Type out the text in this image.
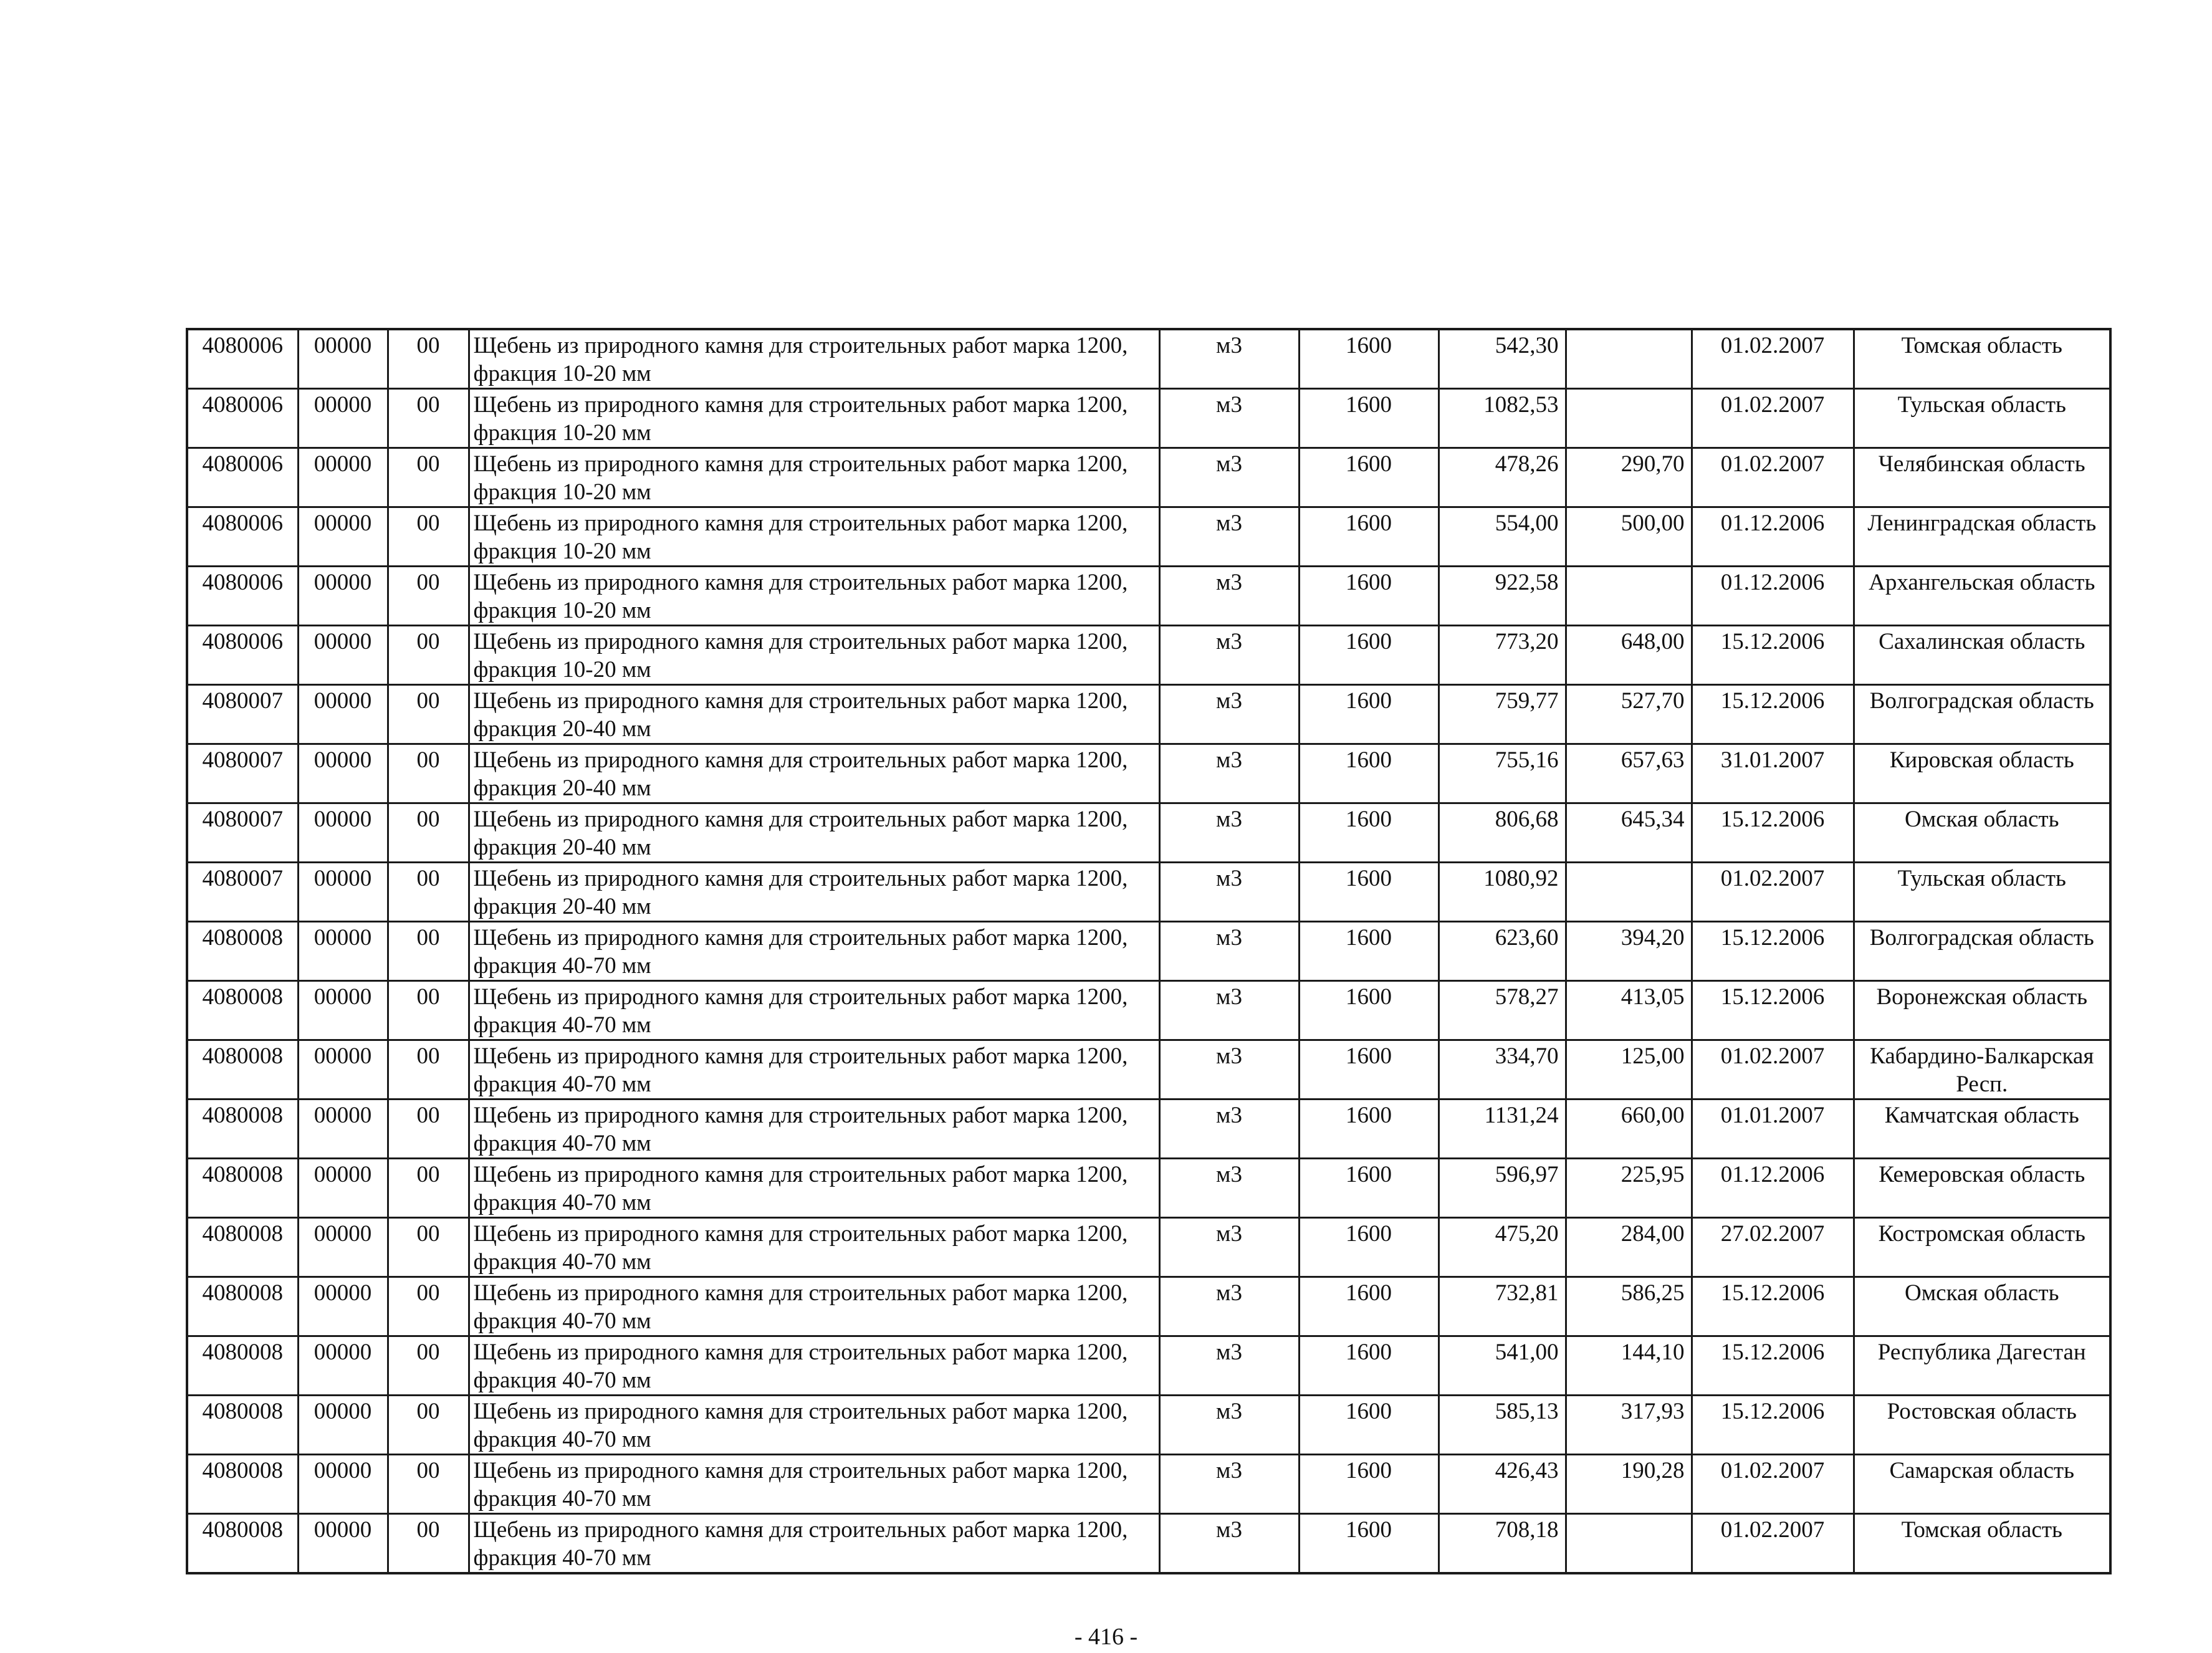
4080006	00000	00	Щебень из природного камня для строительных работ марка 1200, фракция 10-20 мм	м3	1600	542,30		01.02.2007	Томская область
4080006	00000	00	Щебень из природного камня для строительных работ марка 1200, фракция 10-20 мм	м3	1600	1082,53		01.02.2007	Тульская область
4080006	00000	00	Щебень из природного камня для строительных работ марка 1200, фракция 10-20 мм	м3	1600	478,26	290,70	01.02.2007	Челябинская область
4080006	00000	00	Щебень из природного камня для строительных работ марка 1200, фракция 10-20 мм	м3	1600	554,00	500,00	01.12.2006	Ленинградская область
4080006	00000	00	Щебень из природного камня для строительных работ марка 1200, фракция 10-20 мм	м3	1600	922,58		01.12.2006	Архангельская область
4080006	00000	00	Щебень из природного камня для строительных работ марка 1200, фракция 10-20 мм	м3	1600	773,20	648,00	15.12.2006	Сахалинская область
4080007	00000	00	Щебень из природного камня для строительных работ марка 1200, фракция 20-40 мм	м3	1600	759,77	527,70	15.12.2006	Волгоградская область
4080007	00000	00	Щебень из природного камня для строительных работ марка 1200, фракция 20-40 мм	м3	1600	755,16	657,63	31.01.2007	Кировская область
4080007	00000	00	Щебень из природного камня для строительных работ марка 1200, фракция 20-40 мм	м3	1600	806,68	645,34	15.12.2006	Омская область
4080007	00000	00	Щебень из природного камня для строительных работ марка 1200, фракция 20-40 мм	м3	1600	1080,92		01.02.2007	Тульская область
4080008	00000	00	Щебень из природного камня для строительных работ марка 1200, фракция 40-70 мм	м3	1600	623,60	394,20	15.12.2006	Волгоградская область
4080008	00000	00	Щебень из природного камня для строительных работ марка 1200, фракция 40-70 мм	м3	1600	578,27	413,05	15.12.2006	Воронежская область
4080008	00000	00	Щебень из природного камня для строительных работ марка 1200, фракция 40-70 мм	м3	1600	334,70	125,00	01.02.2007	Кабардино-Балкарская Респ.
4080008	00000	00	Щебень из природного камня для строительных работ марка 1200, фракция 40-70 мм	м3	1600	1131,24	660,00	01.01.2007	Камчатская область
4080008	00000	00	Щебень из природного камня для строительных работ марка 1200, фракция 40-70 мм	м3	1600	596,97	225,95	01.12.2006	Кемеровская область
4080008	00000	00	Щебень из природного камня для строительных работ марка 1200, фракция 40-70 мм	м3	1600	475,20	284,00	27.02.2007	Костромская область
4080008	00000	00	Щебень из природного камня для строительных работ марка 1200, фракция 40-70 мм	м3	1600	732,81	586,25	15.12.2006	Омская область
4080008	00000	00	Щебень из природного камня для строительных работ марка 1200, фракция 40-70 мм	м3	1600	541,00	144,10	15.12.2006	Республика Дагестан
4080008	00000	00	Щебень из природного камня для строительных работ марка 1200, фракция 40-70 мм	м3	1600	585,13	317,93	15.12.2006	Ростовская область
4080008	00000	00	Щебень из природного камня для строительных работ марка 1200, фракция 40-70 мм	м3	1600	426,43	190,28	01.02.2007	Самарская область
4080008	00000	00	Щебень из природного камня для строительных работ марка 1200, фракция 40-70 мм	м3	1600	708,18		01.02.2007	Томская область
- 416 -
